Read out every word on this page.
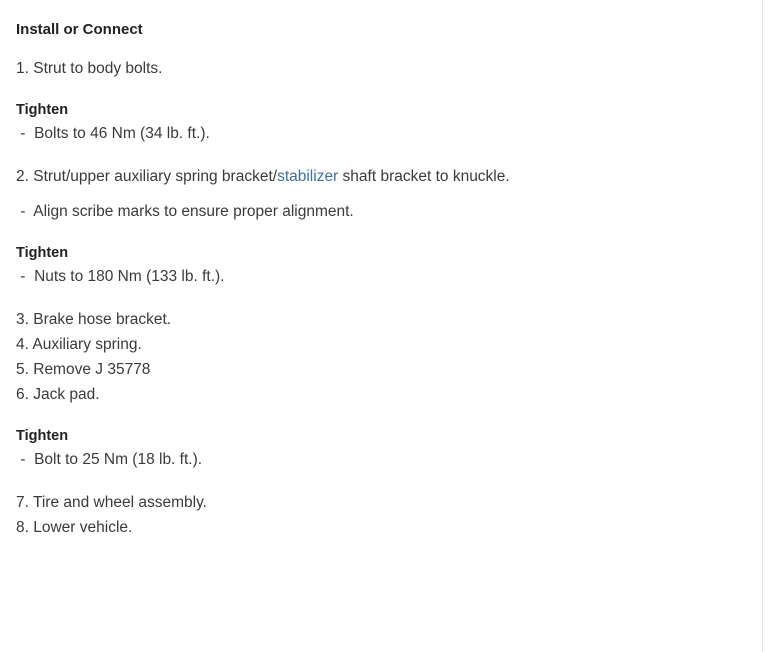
Install or Connect
1. Strut to body bolts.
Tighten
-  Bolts to 46 Nm (34 lb. ft.).
2. Strut/upper auxiliary spring bracket/stabilizer shaft bracket to knuckle.
-  Align scribe marks to ensure proper alignment.
Tighten
-  Nuts to 180 Nm (133 lb. ft.).
3. Brake hose bracket.
4. Auxiliary spring.
5. Remove J 35778
6. Jack pad.
Tighten
-  Bolt to 25 Nm (18 lb. ft.).
7. Tire and wheel assembly.
8. Lower vehicle.
